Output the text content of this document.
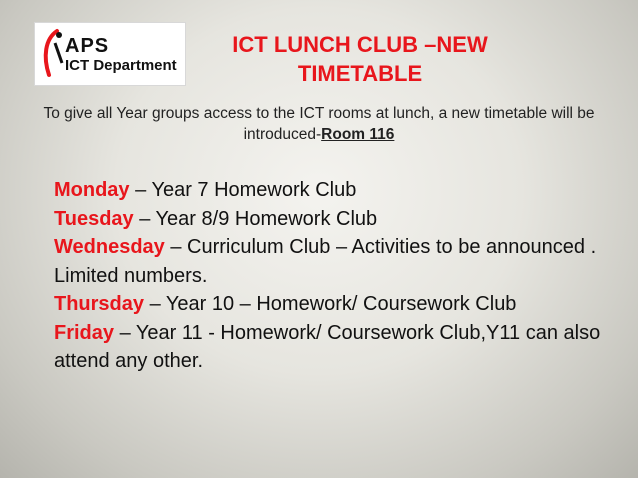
APS
ICT Department
ICT LUNCH CLUB –NEW
TIMETABLE
To give all Year groups access to the ICT rooms at lunch, a new timetable will be introduced-Room 116
Monday – Year 7 Homework Club
Tuesday – Year 8/9 Homework Club
Wednesday – Curriculum Club – Activities to be announced . Limited numbers.
Thursday – Year 10 – Homework/ Coursework Club
Friday – Year 11 - Homework/ Coursework Club,Y11 can also attend any other.
